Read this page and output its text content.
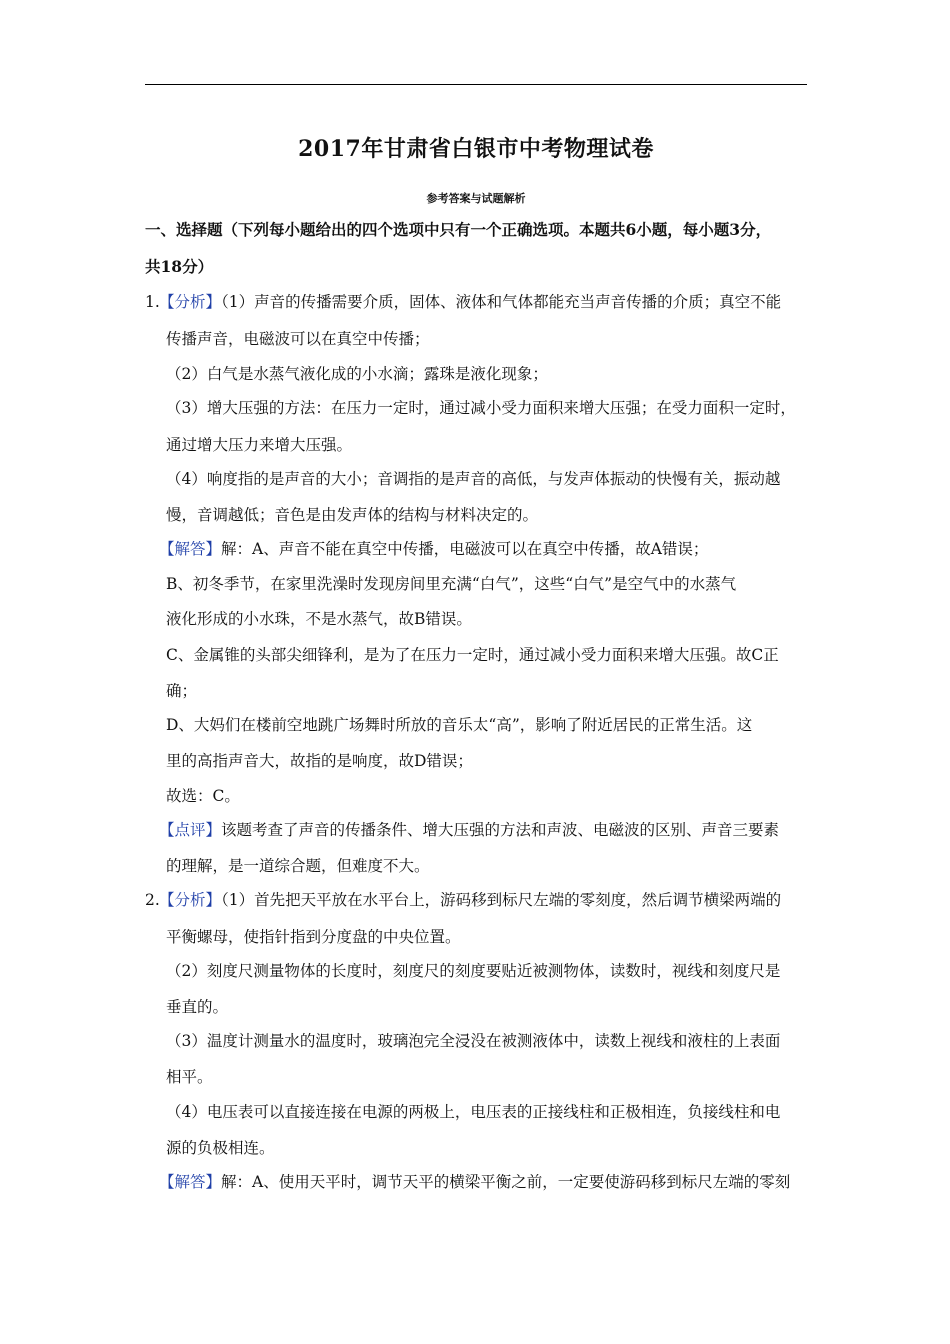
2017年甘肃省白银市中考物理试卷
参考答案与试题解析
一、选择题（下列每小题给出的四个选项中只有一个正确选项。本题共6小题，每小题3分，
共18分）
1. 【分析】（1）声音的传播需要介质，固体、液体和气体都能充当声音传播的介质；真空不能
传播声音，电磁波可以在真空中传播；
（2）白气是水蒸气液化成的小水滴；露珠是液化现象；
（3）增大压强的方法：在压力一定时，通过减小受力面积来增大压强；在受力面积一定时，
通过增大压力来增大压强。
（4）响度指的是声音的大小；音调指的是声音的高低，与发声体振动的快慢有关，振动越
慢，音调越低；音色是由发声体的结构与材料决定的。
【解答】解：A、声音不能在真空中传播，电磁波可以在真空中传播，故A错误；
B、初冬季节，在家里洗澡时发现房间里充满“白气”，这些“白气”是空气中的水蒸气
液化形成的小水珠，不是水蒸气，故B错误。
C、金属锥的头部尖细锋利，是为了在压力一定时，通过减小受力面积来增大压强。故C正
确；
D、大妈们在楼前空地跳广场舞时所放的音乐太“高”，影响了附近居民的正常生活。这
里的高指声音大，故指的是响度，故D错误；
故选：C。
【点评】该题考查了声音的传播条件、增大压强的方法和声波、电磁波的区别、声音三要素
的理解，是一道综合题，但难度不大。
2. 【分析】（1）首先把天平放在水平台上，游码移到标尺左端的零刻度，然后调节横梁两端的
平衡螺母，使指针指到分度盘的中央位置。
（2）刻度尺测量物体的长度时，刻度尺的刻度要贴近被测物体，读数时，视线和刻度尺是
垂直的。
（3）温度计测量水的温度时，玻璃泡完全浸没在被测液体中，读数上视线和液柱的上表面
相平。
（4）电压表可以直接连接在电源的两极上，电压表的正接线柱和正极相连，负接线柱和电
源的负极相连。
【解答】解：A、使用天平时，调节天平的横梁平衡之前，一定要使游码移到标尺左端的零刻
